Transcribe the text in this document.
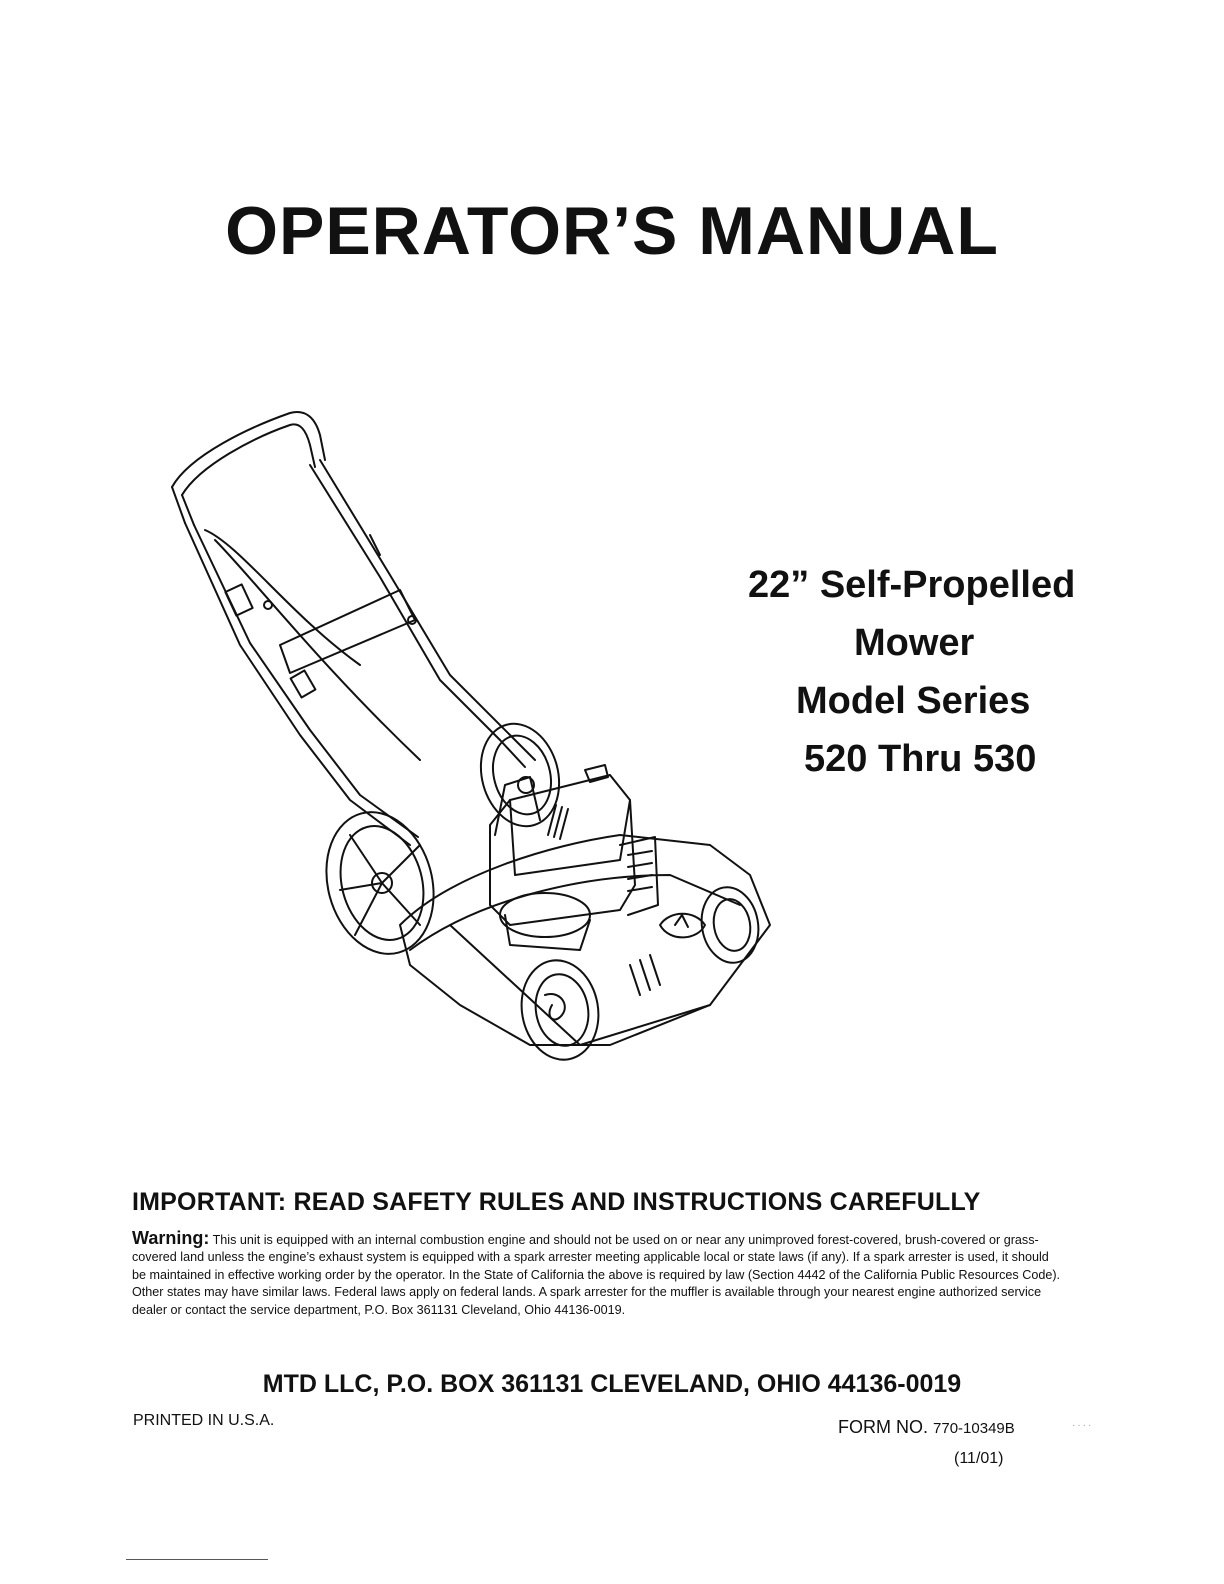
OPERATOR’S MANUAL
22” Self-Propelled
Mower
Model Series
520 Thru 530
IMPORTANT: READ SAFETY RULES AND INSTRUCTIONS CAREFULLY

Warning: This unit is equipped with an internal combustion engine and should not be used on or near any unimproved forest-covered, brush-covered or grass-covered land unless the engine’s exhaust system is equipped with a spark arrester meeting applicable local or state laws (if any). If a spark arrester is used, it should be maintained in effective working order by the operator. In the State of California the above is required by law (Section 4442 of the California Public Resources Code). Other states may have similar laws. Federal laws apply on federal lands. A spark arrester for the muffler is available through your nearest engine authorized service dealer or contact the service department, P.O. Box 361131 Cleveland, Ohio 44136-0019.

MTD LLC, P.O. BOX 361131 CLEVELAND, OHIO 44136-0019
PRINTED IN U.S.A.	FORM NO. 770-10349B	····
(11/01)
